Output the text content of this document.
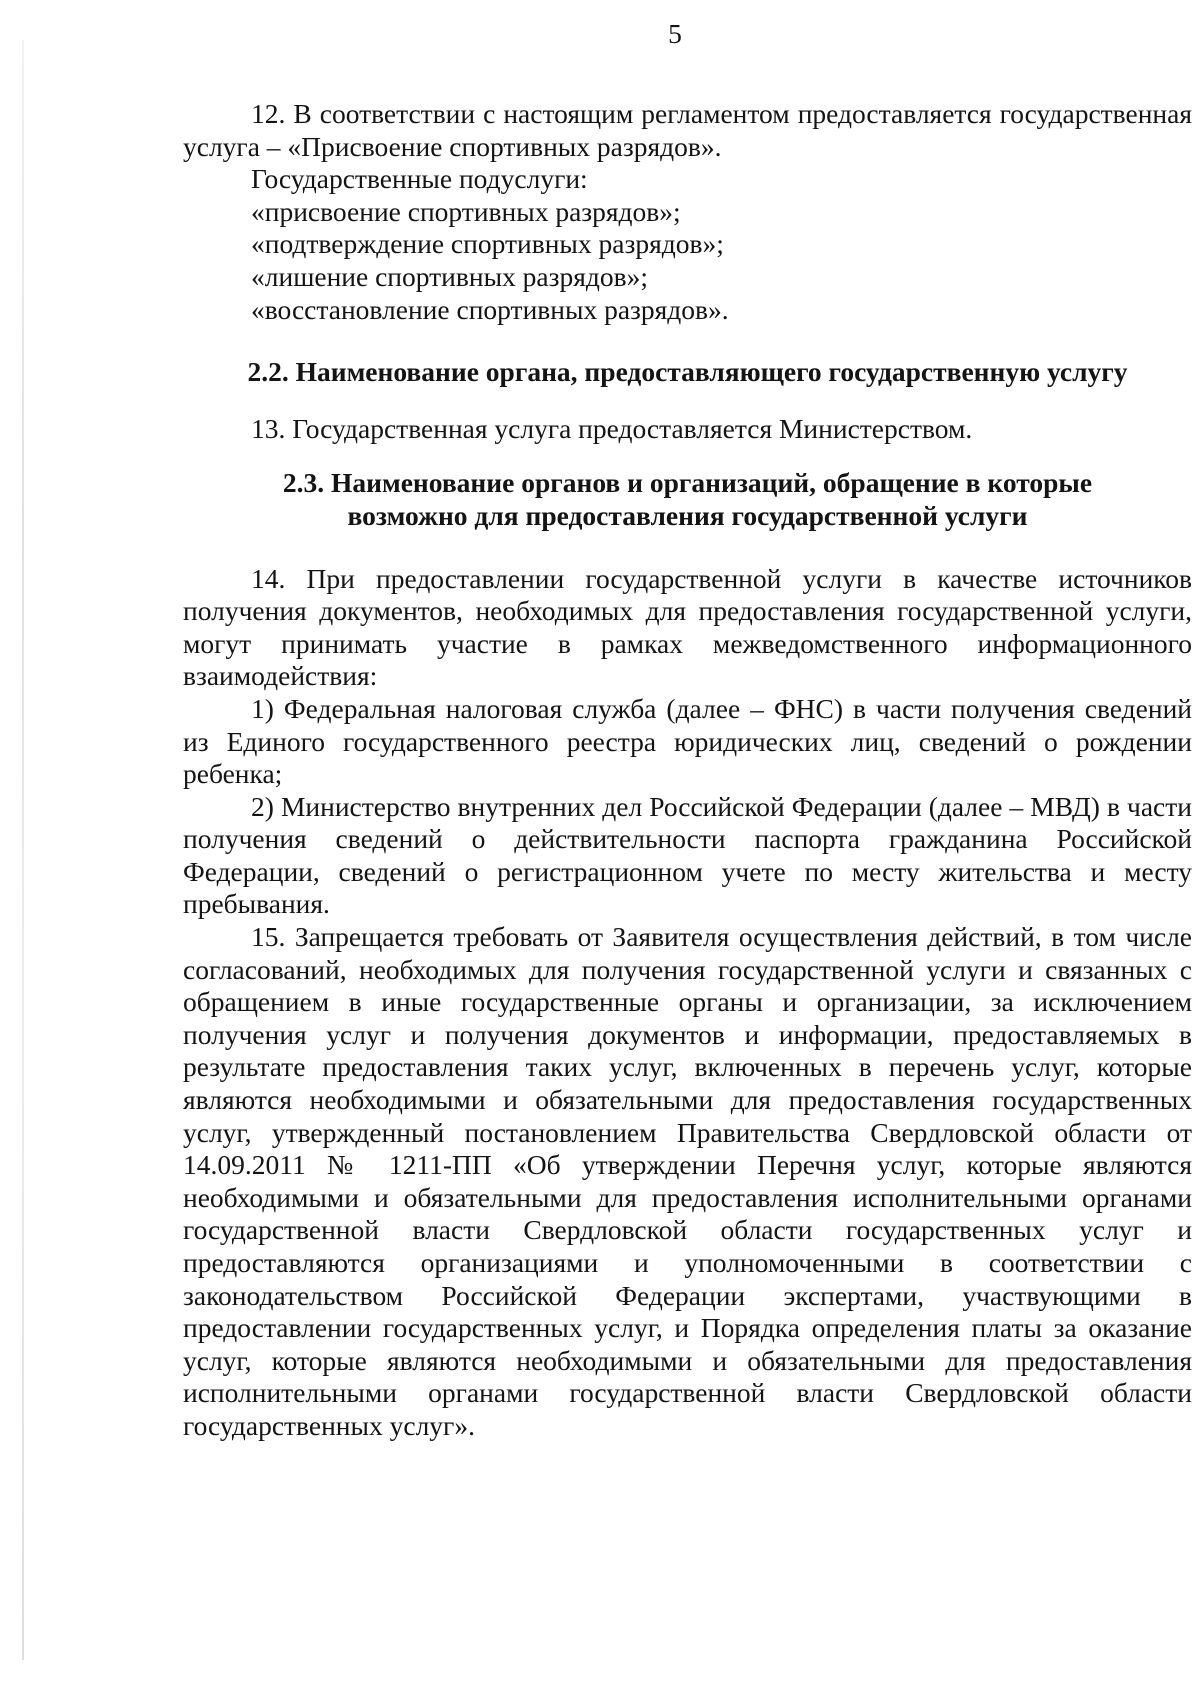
5

12. В соответствии с настоящим регламентом предоставляется государственная услуга – «Присвоение спортивных разрядов».

Государственные подуслуги:

«присвоение спортивных разрядов»;

«подтверждение спортивных разрядов»;

«лишение спортивных разрядов»;

«восстановление спортивных разрядов».

2.2. Наименование органа, предоставляющего государственную услугу

13. Государственная услуга предоставляется Министерством.

2.3. Наименование органов и организаций, обращение в которые

возможно для предоставления государственной услуги

14. При предоставлении государственной услуги в качестве источников получения документов, необходимых для предоставления государственной услуги, могут принимать участие в рамках межведомственного информационного взаимодействия:

1) Федеральная налоговая служба (далее – ФНС) в части получения сведений из Единого государственного реестра юридических лиц, сведений о рождении ребенка;

2) Министерство внутренних дел Российской Федерации (далее – МВД) в части получения сведений о действительности паспорта гражданина Российской Федерации, сведений о регистрационном учете по месту жительства и месту пребывания.

15. Запрещается требовать от Заявителя осуществления действий, в том числе согласований, необходимых для получения государственной услуги и связанных с обращением в иные государственные органы и организации, за исключением получения услуг и получения документов и информации, предоставляемых в результате предоставления таких услуг, включенных в перечень услуг, которые являются необходимыми и обязательными для предоставления государственных услуг, утвержденный постановлением Правительства Свердловской области от 14.09.2011 № 1211-ПП «Об утверждении Перечня услуг, которые являются необходимыми и обязательными для предоставления исполнительными органами государственной власти Свердловской области государственных услуг и предоставляются организациями и уполномоченными в соответствии с законодательством Российской Федерации экспертами, участвующими в предоставлении государственных услуг, и Порядка определения платы за оказание услуг, которые являются необходимыми и обязательными для предоставления исполнительными органами государственной власти Свердловской области государственных услуг».
